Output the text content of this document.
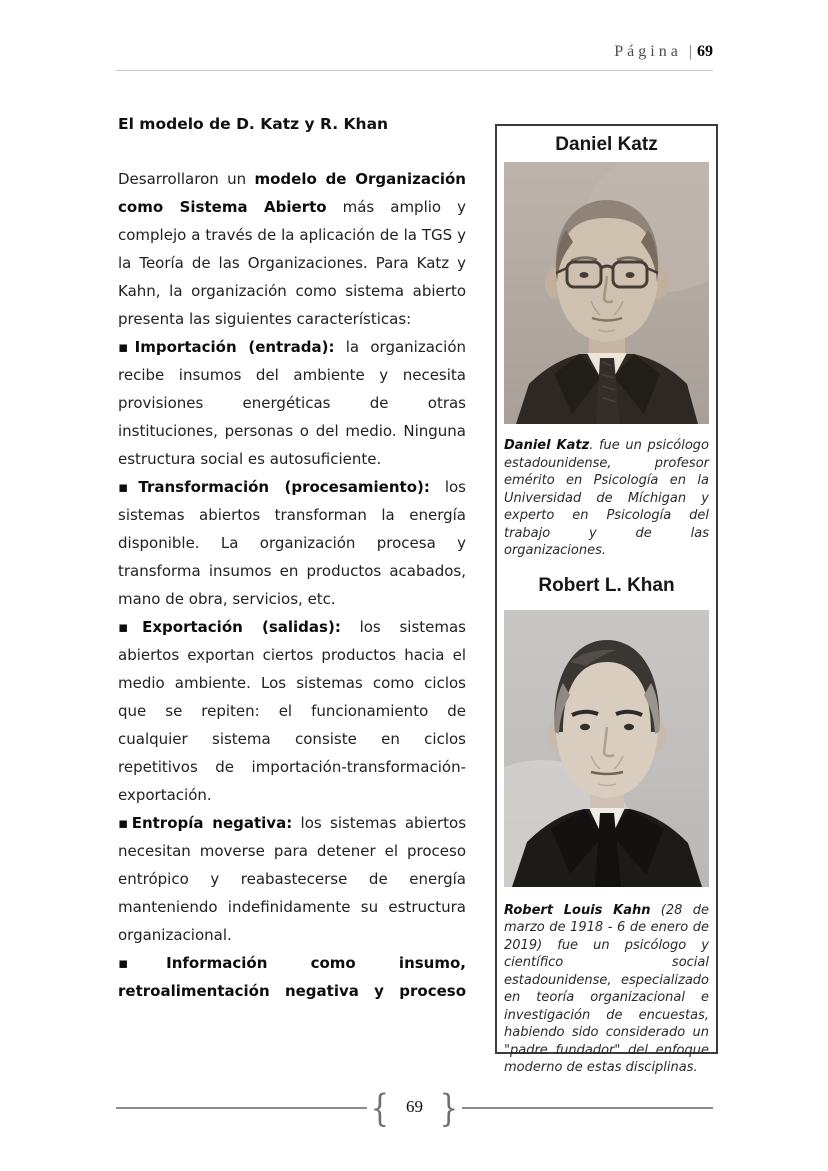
Página | 69
El modelo de D. Katz y R. Khan

Desarrollaron un modelo de Organización como Sistema Abierto más amplio y complejo a través de la aplicación de la TGS y la Teoría de las Organizaciones. Para Katz y Kahn, la organización como sistema abierto presenta las siguientes características:

▪Importación (entrada): la organización recibe insumos del ambiente y necesita provisiones energéticas de otras instituciones, personas o del medio. Ninguna estructura social es autosuficiente.

▪Transformación (procesamiento): los sistemas abiertos transforman la energía disponible. La organización procesa y transforma insumos en productos acabados, mano de obra, servicios, etc.

▪Exportación (salidas): los sistemas abiertos exportan ciertos productos hacia el medio ambiente. Los sistemas como ciclos que se repiten: el funcionamiento de cualquier sistema consiste en ciclos repetitivos de importación-transformación-exportación.

▪Entropía negativa: los sistemas abiertos necesitan moverse para detener el proceso entrópico y reabastecerse de energía manteniendo indefinidamente su estructura organizacional.

▪Información como insumo, retroalimentación negativa y proceso

Daniel Katz
Daniel Katz. fue un psicólogo estadounidense, profesor emérito en Psicología en la Universidad de Míchigan y experto en Psicología del trabajo y de las organizaciones.
Robert L. Khan
Robert Louis Kahn (28 de marzo de 1918 - 6 de enero de 2019) fue un psicólogo y científico social estadounidense, especializado en teoría organizacional e investigación de encuestas, habiendo sido considerado un "padre fundador" del enfoque moderno de estas disciplinas.
{ 69 }
